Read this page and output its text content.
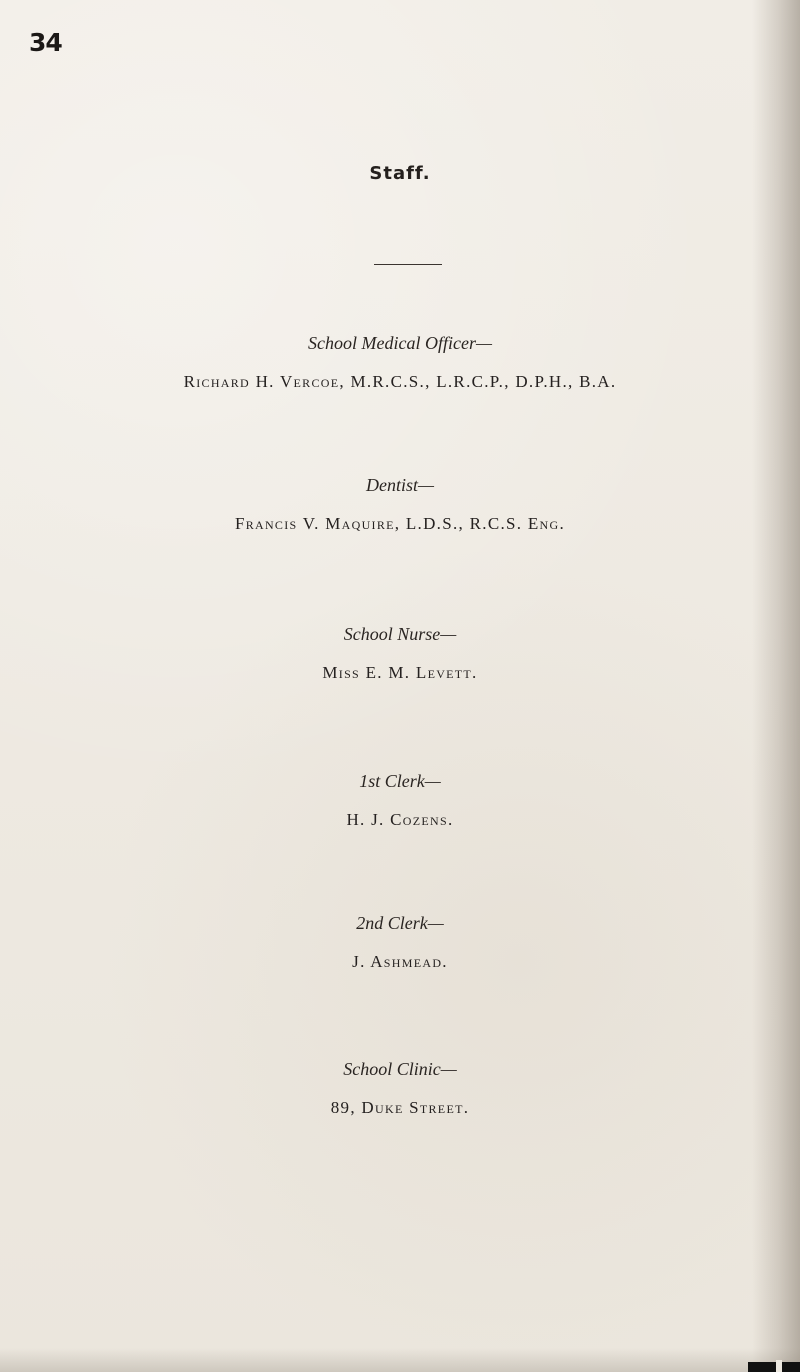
34
Staff.

School Medical Officer—

Richard H. Vercoe, M.R.C.S., L.R.C.P., D.P.H., B.A.

Dentist—

Francis V. Maquire, L.D.S., R.C.S. Eng.

School Nurse—

Miss E. M. Levett.

1st Clerk—

H. J. Cozens.

2nd Clerk—

J. Ashmead.

School Clinic—

89, Duke Street.
